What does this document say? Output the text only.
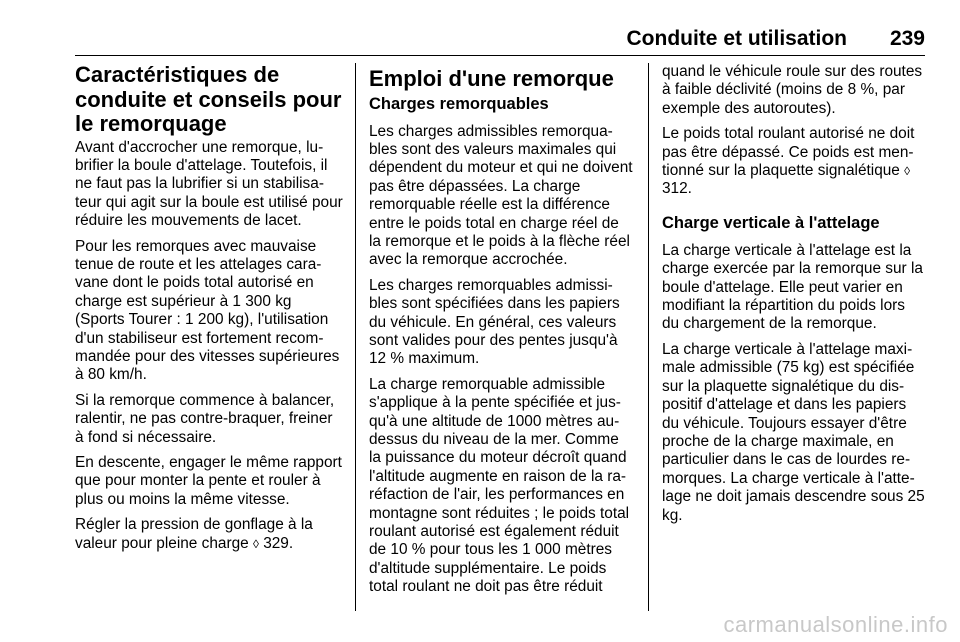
Conduite et utilisation 239
Caractéristiques de conduite et conseils pour le remorquage

Avant d'accrocher une remorque, lubrifier la boule d'attelage. Toutefois, il ne faut pas la lubrifier si un stabilisateur qui agit sur la boule est utilisé pour réduire les mouvements de lacet.

Pour les remorques avec mauvaise tenue de route et les attelages caravane dont le poids total autorisé en charge est supérieur à 1 300 kg (Sports Tourer : 1 200 kg), l'utilisation d'un stabiliseur est fortement recommandée pour des vitesses supérieures à 80 km/h.

Si la remorque commence à balancer, ralentir, ne pas contre-braquer, freiner à fond si nécessaire.

En descente, engager le même rapport que pour monter la pente et rouler à plus ou moins la même vitesse.

Régler la pression de gonflage à la valeur pour pleine charge ◊ 329.

Emploi d'une remorque
Charges remorquables

Les charges admissibles remorquables sont des valeurs maximales qui dépendent du moteur et qui ne doivent pas être dépassées. La charge remorquable réelle est la différence entre le poids total en charge réel de la remorque et le poids à la flèche réel avec la remorque accrochée.

Les charges remorquables admissibles sont spécifiées dans les papiers du véhicule. En général, ces valeurs sont valides pour des pentes jusqu'à 12 % maximum.

La charge remorquable admissible s'applique à la pente spécifiée et jusqu'à une altitude de 1000 mètres au-dessus du niveau de la mer. Comme la puissance du moteur décroît quand l'altitude augmente en raison de la raréfaction de l'air, les performances en montagne sont réduites ; le poids total roulant autorisé est également réduit de 10 % pour tous les 1 000 mètres d'altitude supplémentaire. Le poids total roulant ne doit pas être réduit

quand le véhicule roule sur des routes à faible déclivité (moins de 8 %, par exemple des autoroutes).

Le poids total roulant autorisé ne doit pas être dépassé. Ce poids est mentionné sur la plaquette signalétique ◊ 312.

Charge verticale à l'attelage

La charge verticale à l'attelage est la charge exercée par la remorque sur la boule d'attelage. Elle peut varier en modifiant la répartition du poids lors du chargement de la remorque.

La charge verticale à l'attelage maximale admissible (75 kg) est spécifiée sur la plaquette signalétique du dispositif d'attelage et dans les papiers du véhicule. Toujours essayer d'être proche de la charge maximale, en particulier dans le cas de lourdes remorques. La charge verticale à l'attelage ne doit jamais descendre sous 25 kg.

carmanualsonline.info
